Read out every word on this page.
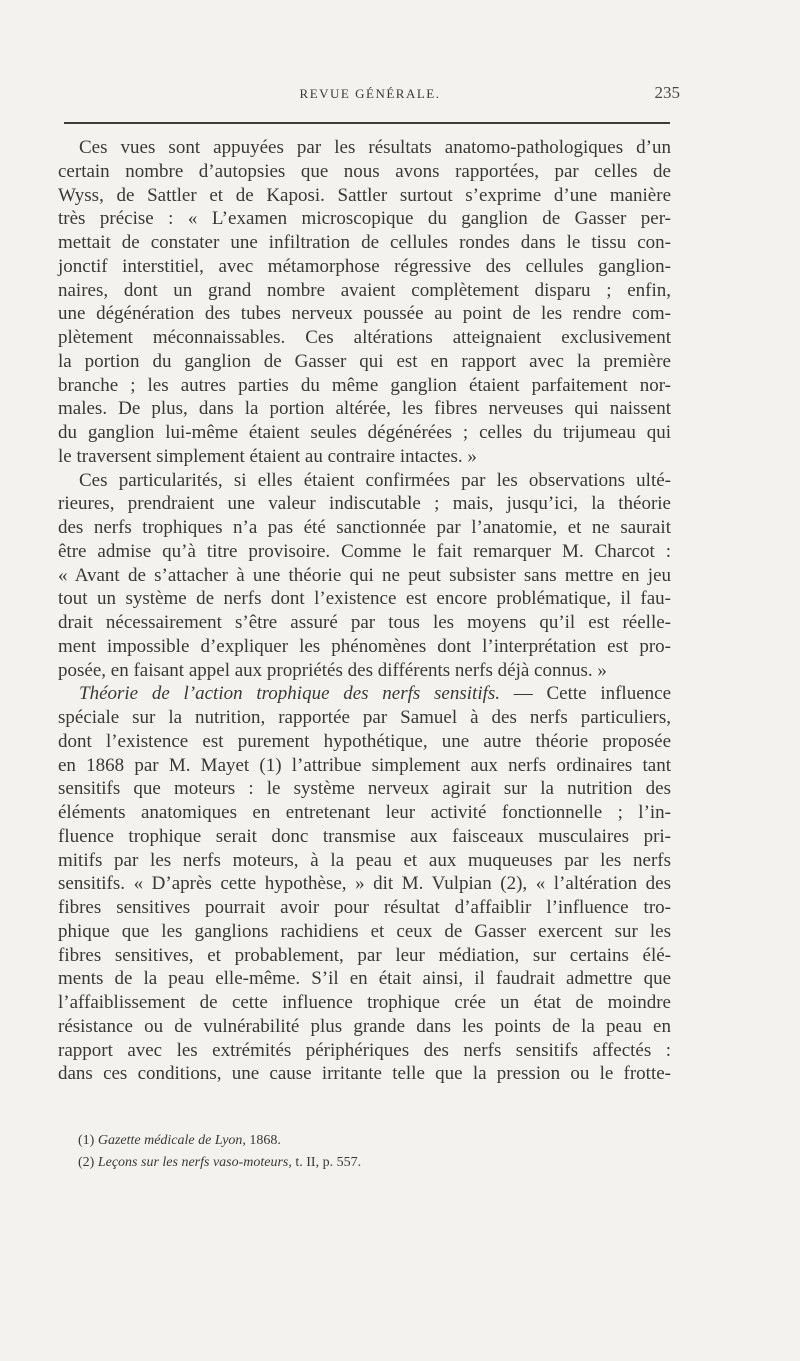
REVUE GÉNÉRALE.	235
Ces vues sont appuyées par les résultats anatomo-pathologiques d’un
certain nombre d’autopsies que nous avons rapportées, par celles de
Wyss, de Sattler et de Kaposi. Sattler surtout s’exprime d’une manière
très précise : « L’examen microscopique du ganglion de Gasser per-
mettait de constater une infiltration de cellules rondes dans le tissu con-
jonctif interstitiel, avec métamorphose régressive des cellules ganglion-
naires, dont un grand nombre avaient complètement disparu ; enfin,
une dégénération des tubes nerveux poussée au point de les rendre com-
plètement méconnaissables. Ces altérations atteignaient exclusivement
la portion du ganglion de Gasser qui est en rapport avec la première
branche ; les autres parties du même ganglion étaient parfaitement nor-
males. De plus, dans la portion altérée, les fibres nerveuses qui naissent
du ganglion lui-même étaient seules dégénérées ; celles du trijumeau qui
le traversent simplement étaient au contraire intactes. »
Ces particularités, si elles étaient confirmées par les observations ulté-
rieures, prendraient une valeur indiscutable ; mais, jusqu’ici, la théorie
des nerfs trophiques n’a pas été sanctionnée par l’anatomie, et ne saurait
être admise qu’à titre provisoire. Comme le fait remarquer M. Charcot :
« Avant de s’attacher à une théorie qui ne peut subsister sans mettre en jeu
tout un système de nerfs dont l’existence est encore problématique, il fau-
drait nécessairement s’être assuré par tous les moyens qu’il est réelle-
ment impossible d’expliquer les phénomènes dont l’interprétation est pro-
posée, en faisant appel aux propriétés des différents nerfs déjà connus. »
Théorie de l’action trophique des nerfs sensitifs. — Cette influence
spéciale sur la nutrition, rapportée par Samuel à des nerfs particuliers,
dont l’existence est purement hypothétique, une autre théorie proposée
en 1868 par M. Mayet (1) l’attribue simplement aux nerfs ordinaires tant
sensitifs que moteurs : le système nerveux agirait sur la nutrition des
éléments anatomiques en entretenant leur activité fonctionnelle ; l’in-
fluence trophique serait donc transmise aux faisceaux musculaires pri-
mitifs par les nerfs moteurs, à la peau et aux muqueuses par les nerfs
sensitifs. « D’après cette hypothèse, » dit M. Vulpian (2), « l’altération des
fibres sensitives pourrait avoir pour résultat d’affaiblir l’influence tro-
phique que les ganglions rachidiens et ceux de Gasser exercent sur les
fibres sensitives, et probablement, par leur médiation, sur certains élé-
ments de la peau elle-même. S’il en était ainsi, il faudrait admettre que
l’affaiblissement de cette influence trophique crée un état de moindre
résistance ou de vulnérabilité plus grande dans les points de la peau en
rapport avec les extrémités périphériques des nerfs sensitifs affectés :
dans ces conditions, une cause irritante telle que la pression ou le frotte-
(1) Gazette médicale de Lyon, 1868.
(2) Leçons sur les nerfs vaso-moteurs, t. II, p. 557.
